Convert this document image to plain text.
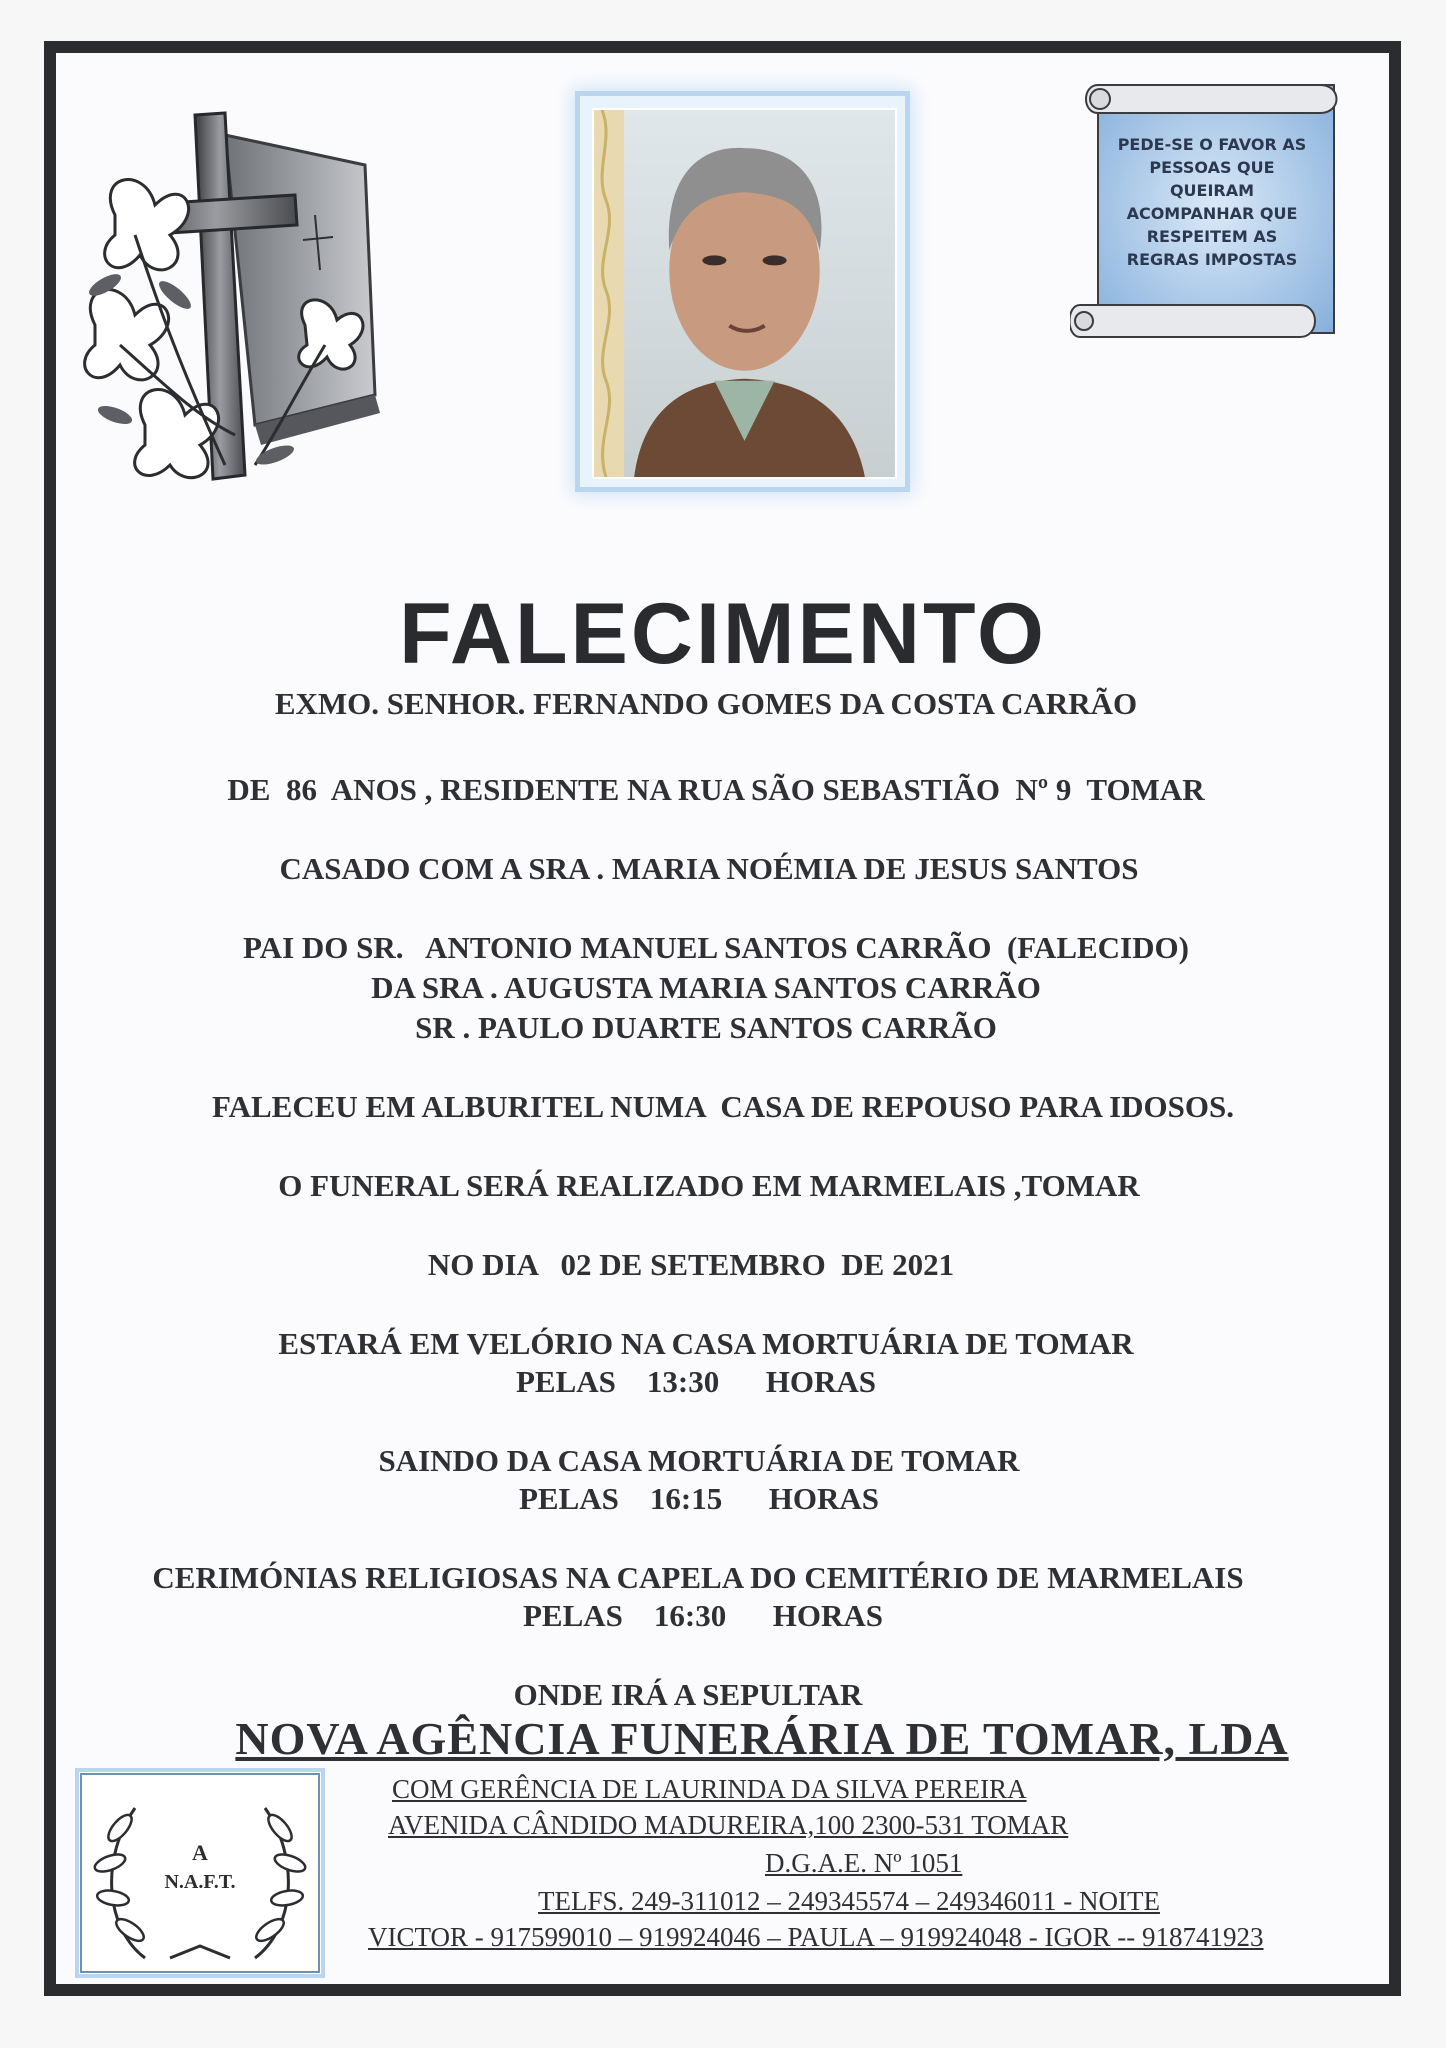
PEDE-SE O FAVOR AS
PESSOAS QUE
QUEIRAM
ACOMPANHAR QUE
RESPEITEM AS
REGRAS IMPOSTAS
FALECIMENTO
EXMO. SENHOR. FERNANDO GOMES DA COSTA CARRÃO
DE  86  ANOS , RESIDENTE NA RUA SÃO SEBASTIÃO  Nº 9  TOMAR
CASADO COM A SRA . MARIA NOÉMIA DE JESUS SANTOS
PAI DO SR.   ANTONIO MANUEL SANTOS CARRÃO  (FALECIDO)
DA SRA . AUGUSTA MARIA SANTOS CARRÃO
SR . PAULO DUARTE SANTOS CARRÃO
FALECEU EM ALBURITEL NUMA  CASA DE REPOUSO PARA IDOSOS.
O FUNERAL SERÁ REALIZADO EM MARMELAIS ,TOMAR
NO DIA   02 DE SETEMBRO  DE 2021
ESTARÁ EM VELÓRIO NA CASA MORTUÁRIA DE TOMAR
PELAS    13:30      HORAS
SAINDO DA CASA MORTUÁRIA DE TOMAR
PELAS    16:15      HORAS
CERIMÓNIAS RELIGIOSAS NA CAPELA DO CEMITÉRIO DE MARMELAIS
PELAS    16:30      HORAS
ONDE IRÁ A SEPULTAR
NOVA AGÊNCIA FUNERÁRIA DE TOMAR, LDA
COM GERÊNCIA DE LAURINDA DA SILVA PEREIRA
AVENIDA CÂNDIDO MADUREIRA,100 2300-531 TOMAR
D.G.A.E. Nº 1051
TELFS. 249-311012 – 249345574 – 249346011 - NOITE
VICTOR - 917599010 – 919924046 – PAULA – 919924048 - IGOR -- 918741923
A
N.A.F.T.
